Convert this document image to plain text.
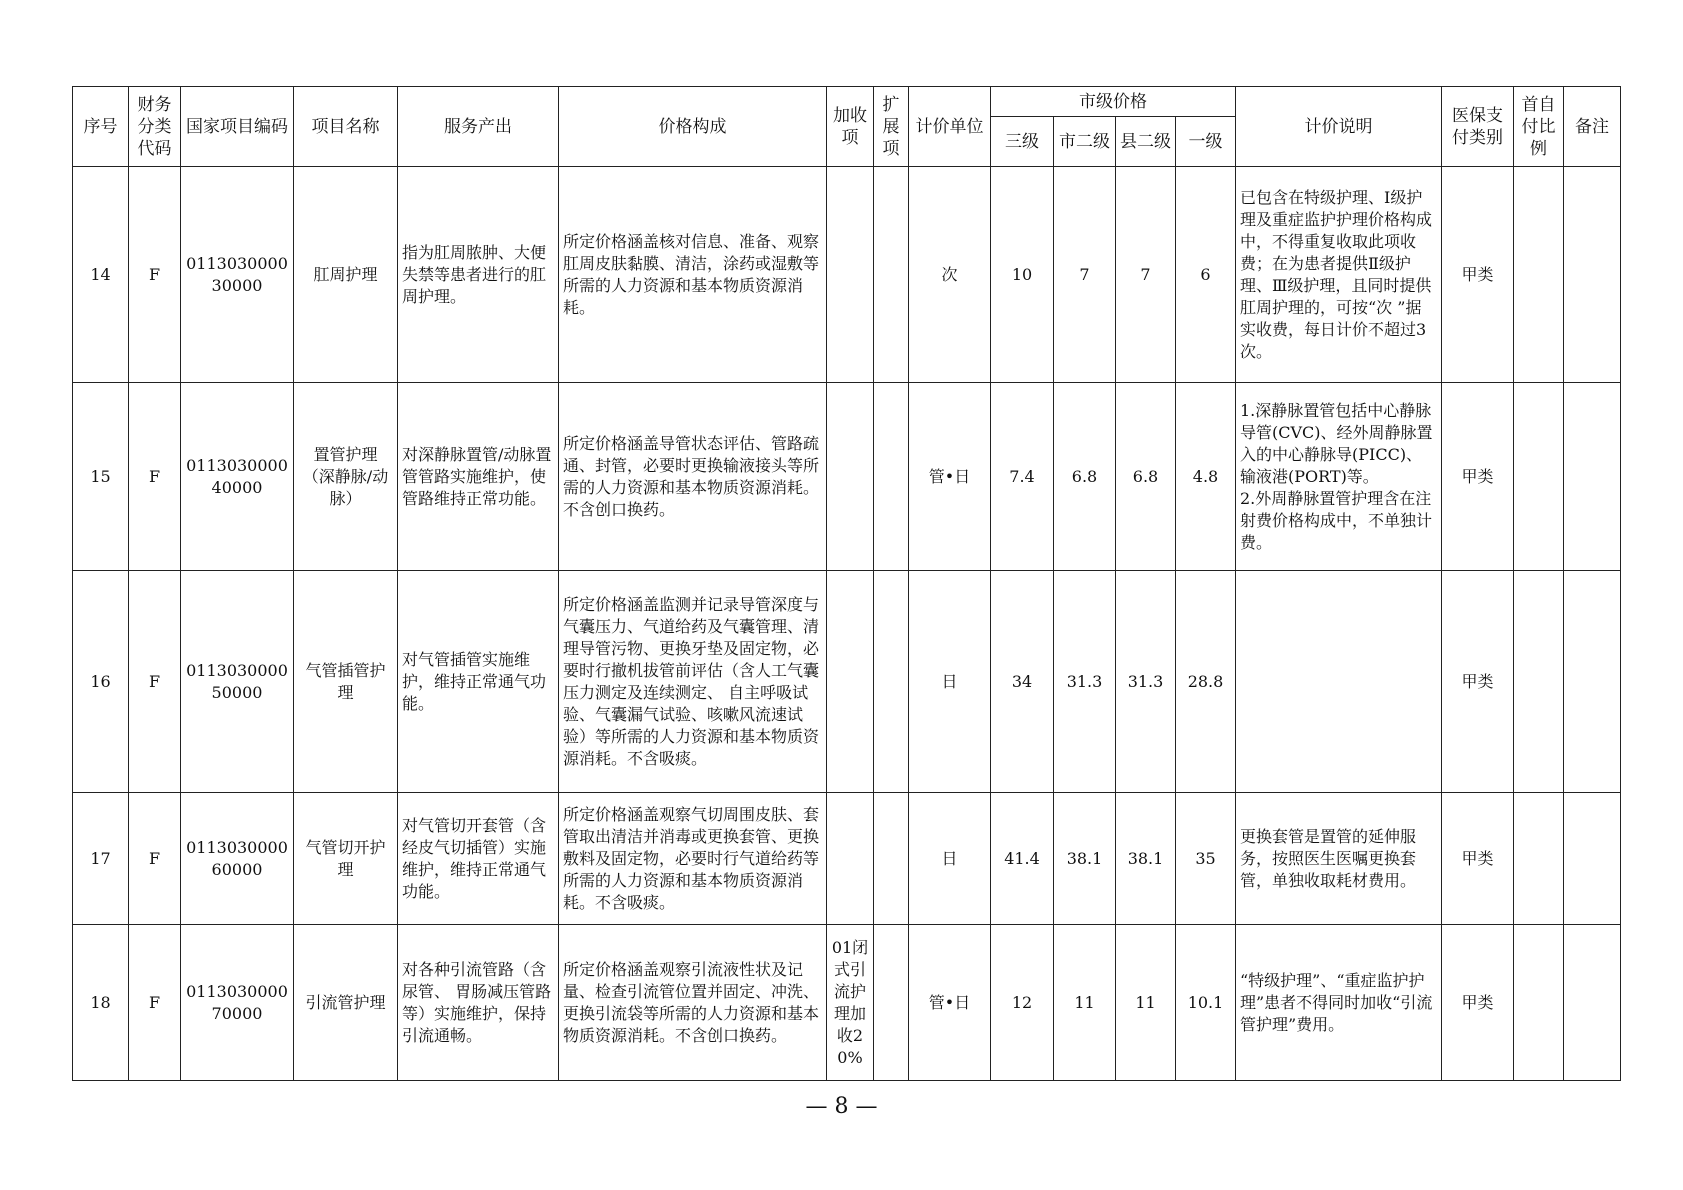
序号	财务分类代码	国家项目编码	项目名称	服务产出	价格构成	加收项	扩展项	计价单位	市级价格				计价说明	医保支付类别	首自付比例	备注
									三级	市二级	县二级	一级				
14	F	011303000030000	肛周护理	指为肛周脓肿、大便失禁等患者进行的肛周护理。	所定价格涵盖核对信息、准备、观察肛周皮肤黏膜、清洁，涂药或湿敷等所需的人力资源和基本物质资源消耗。			次	10	7	7	6	已包含在特级护理、Ⅰ级护理及重症监护护理价格构成中，不得重复收取此项收费；在为患者提供Ⅱ级护理、Ⅲ级护理，且同时提供肛周护理的，可按“次 ”据实收费，每日计价不超过3次。	甲类		
15	F	011303000040000	置管护理（深静脉/动脉）	对深静脉置管/动脉置管管路实施维护，使管路维持正常功能。	所定价格涵盖导管状态评估、管路疏通、封管，必要时更换输液接头等所需的人力资源和基本物质资源消耗。不含创口换药。			管•日	7.4	6.8	6.8	4.8	1.深静脉置管包括中心静脉导管(CVC)、经外周静脉置入的中心静脉导(PICC)、输液港(PORT)等。
2.外周静脉置管护理含在注射费价格构成中，不单独计费。	甲类		
16	F	011303000050000	气管插管护理	对气管插管实施维护，维持正常通气功能。	所定价格涵盖监测并记录导管深度与气囊压力、气道给药及气囊管理、清理导管污物、更换牙垫及固定物，必要时行撤机拔管前评估（含人工气囊压力测定及连续测定、 自主呼吸试验、气囊漏气试验、咳嗽风流速试验）等所需的人力资源和基本物质资源消耗。不含吸痰。			日	34	31.3	31.3	28.8		甲类		
17	F	011303000060000	气管切开护理	对气管切开套管（含经皮气切插管）实施维护，维持正常通气功能。	所定价格涵盖观察气切周围皮肤、套管取出清洁并消毒或更换套管、更换敷料及固定物，必要时行气道给药等所需的人力资源和基本物质资源消耗。不含吸痰。			日	41.4	38.1	38.1	35	更换套管是置管的延伸服务，按照医生医嘱更换套管，单独收取耗材费用。	甲类		
18	F	011303000070000	引流管护理	对各种引流管路（含尿管、 胃肠减压管路等）实施维护，保持引流通畅。	所定价格涵盖观察引流液性状及记量、检查引流管位置并固定、冲洗、更换引流袋等所需的人力资源和基本物质资源消耗。不含创口换药。	01闭式引流护理加收20%		管•日	12	11	11	10.1	“特级护理”、“重症监护护理”患者不得同时加收“引流管护理”费用。	甲类		
— 8 —
